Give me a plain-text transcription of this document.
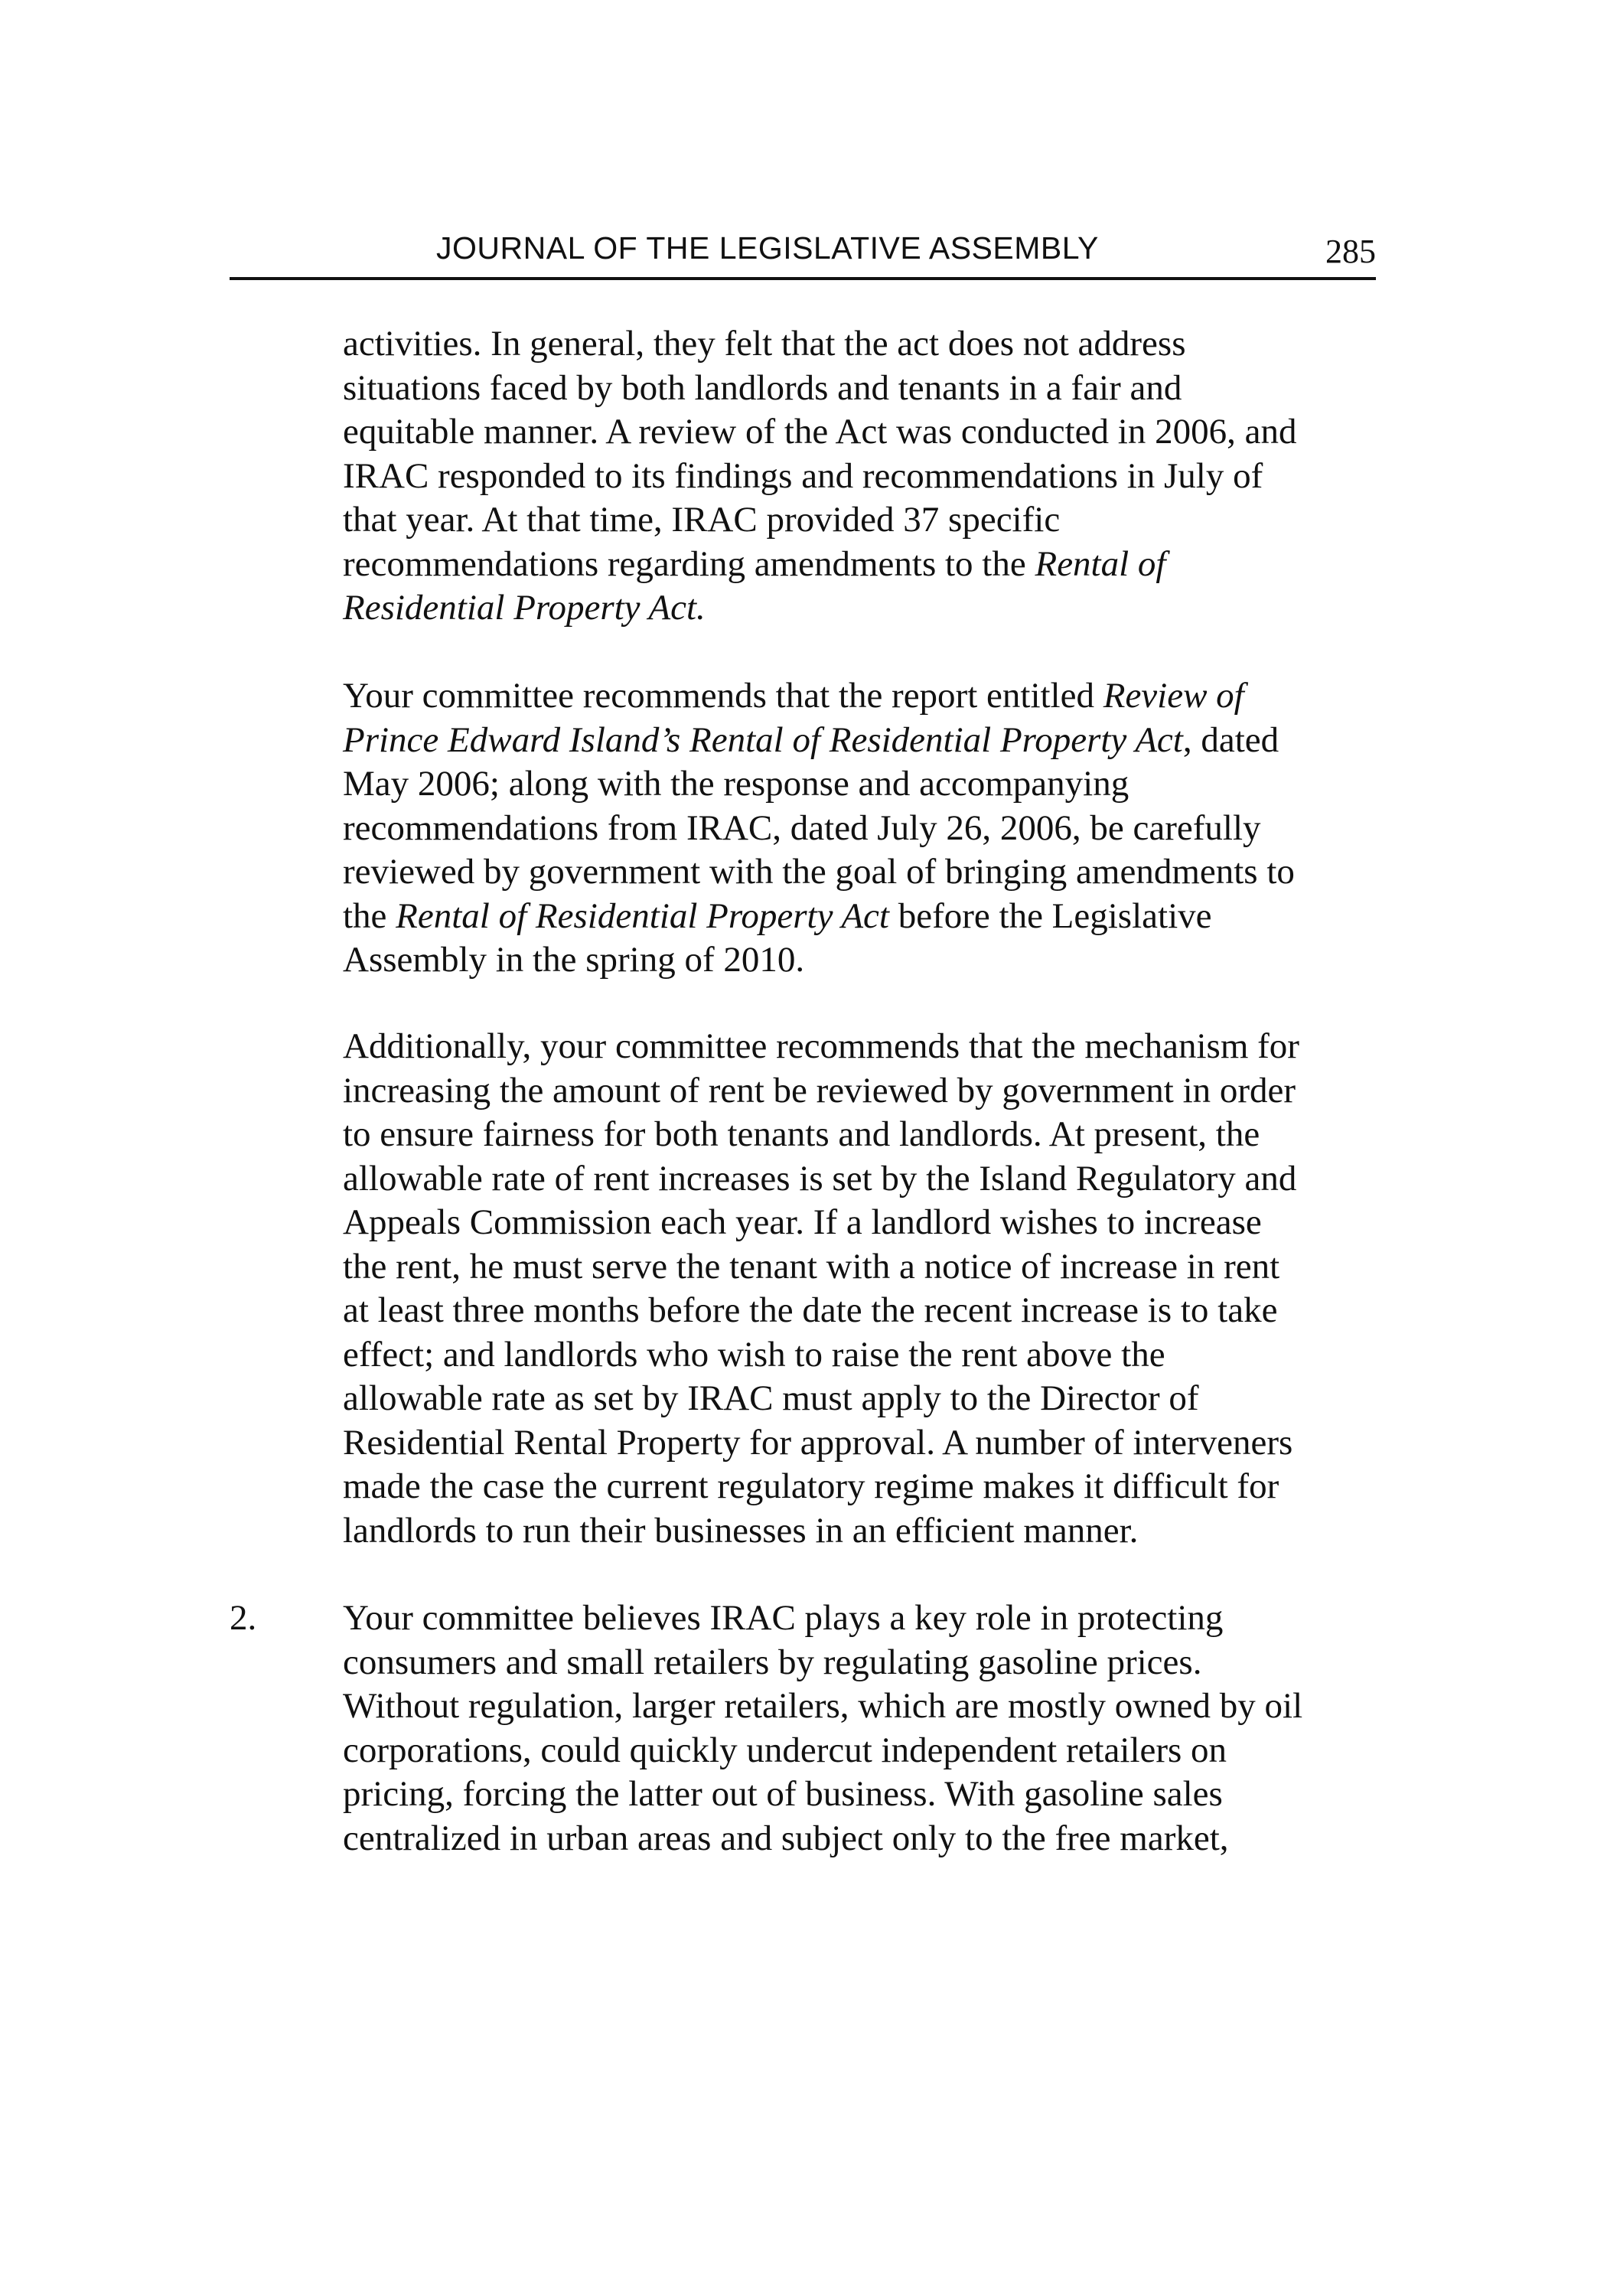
JOURNAL OF THE LEGISLATIVE ASSEMBLY	285
activities. In general, they felt that the act does not address
situations faced by both landlords and tenants in a fair and
equitable manner. A review of the Act was conducted in 2006, and
IRAC responded to its findings and recommendations in July of
that year. At that time, IRAC provided 37 specific
recommendations regarding amendments to the Rental of
Residential Property Act.
Your committee recommends that the report entitled Review of
Prince Edward Island’s Rental of Residential Property Act, dated
May 2006; along with the response and accompanying
recommendations from IRAC, dated July 26, 2006, be carefully
reviewed by government with the goal of bringing amendments to
the Rental of Residential Property Act before the Legislative
Assembly in the spring of 2010.
Additionally, your committee recommends that the mechanism for
increasing the amount of rent be reviewed by government in order
to ensure fairness for both tenants and landlords. At present, the
allowable rate of rent increases is set by the Island Regulatory and
Appeals Commission each year. If a landlord wishes to increase
the rent, he must serve the tenant with a notice of increase in rent
at least three months before the date the recent increase is to take
effect; and landlords who wish to raise the rent above the
allowable rate as set by IRAC must apply to the Director of
Residential Rental Property for approval. A number of interveners
made the case the current regulatory regime makes it difficult for
landlords to run their businesses in an efficient manner.
2. Your committee believes IRAC plays a key role in protecting
consumers and small retailers by regulating gasoline prices.
Without regulation, larger retailers, which are mostly owned by oil
corporations, could quickly undercut independent retailers on
pricing, forcing the latter out of business. With gasoline sales
centralized in urban areas and subject only to the free market,
